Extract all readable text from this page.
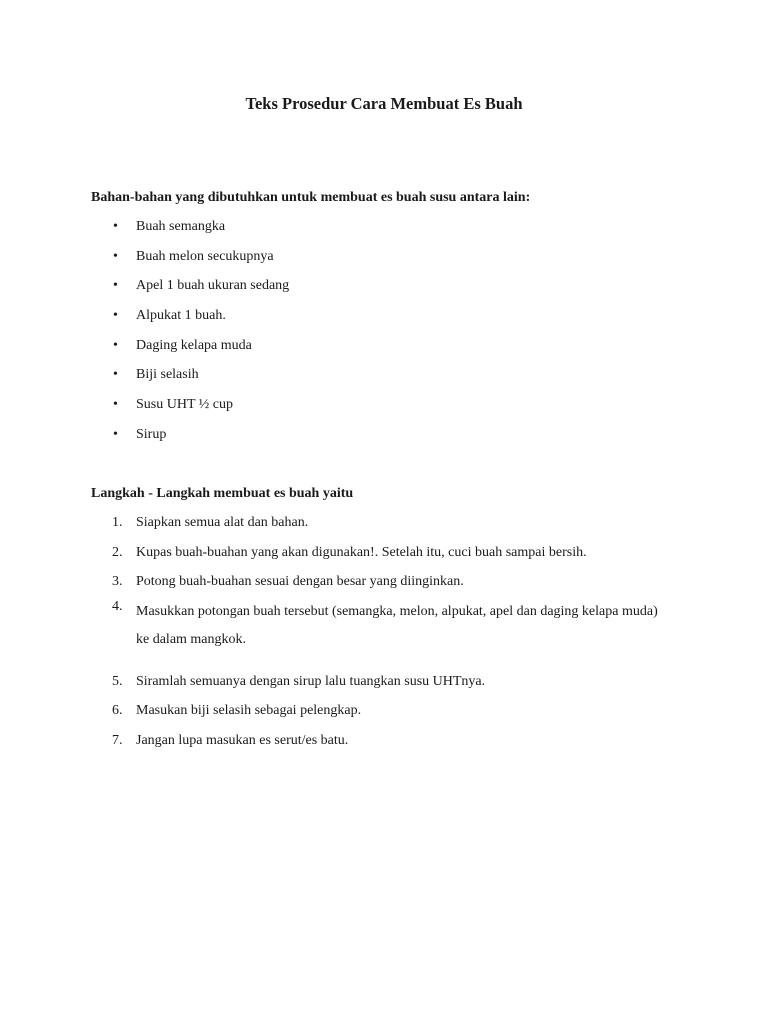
Teks Prosedur Cara Membuat Es Buah

Bahan-bahan yang dibutuhkan untuk membuat es buah susu antara lain:

• Buah semangka
• Buah melon secukupnya
• Apel 1 buah ukuran sedang
• Alpukat 1 buah.
• Daging kelapa muda
• Biji selasih
• Susu UHT ½ cup
• Sirup

Langkah - Langkah membuat es buah yaitu

1. Siapkan semua alat dan bahan.
2. Kupas buah-buahan yang akan digunakan!. Setelah itu, cuci buah sampai bersih.
3. Potong buah-buahan sesuai dengan besar yang diinginkan.
4. Masukkan potongan buah tersebut (semangka, melon, alpukat, apel dan daging kelapa muda) ke dalam mangkok.
5. Siramlah semuanya dengan sirup lalu tuangkan susu UHTnya.
6. Masukan biji selasih sebagai pelengkap.
7. Jangan lupa masukan es serut/es batu.
